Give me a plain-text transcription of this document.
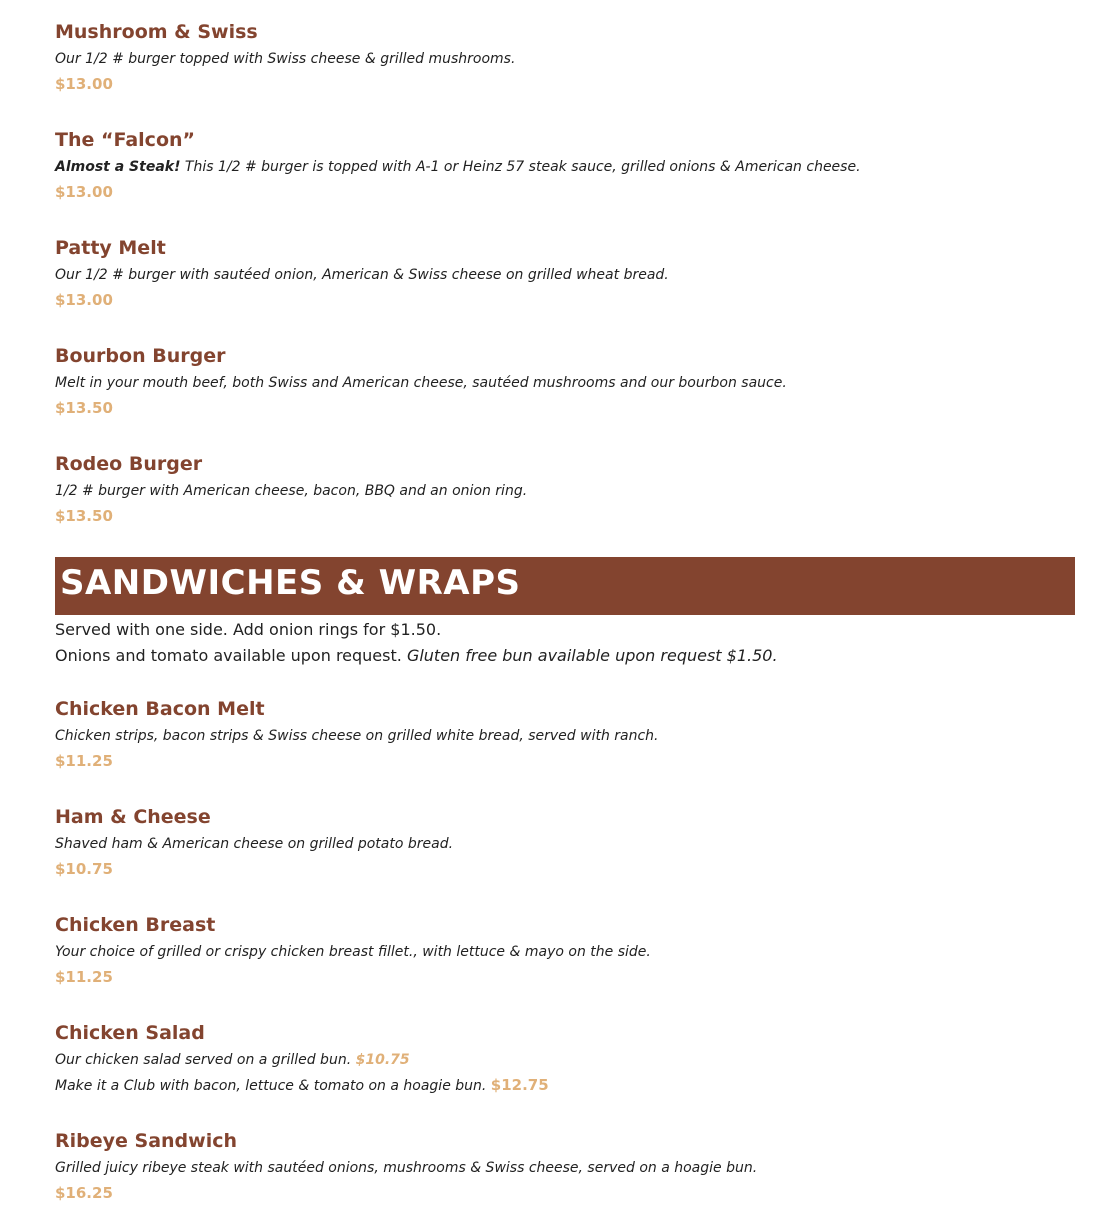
Mushroom & Swiss
Our 1/2 # burger topped with Swiss cheese & grilled mushrooms.
$13.00
The “Falcon”
Almost a Steak! This 1/2 # burger is topped with A-1 or Heinz 57 steak sauce, grilled onions & American cheese.
$13.00
Patty Melt
Our 1/2 # burger with sautéed onion, American & Swiss cheese on grilled wheat bread.
$13.00
Bourbon Burger
Melt in your mouth beef, both Swiss and American cheese, sautéed mushrooms and our bourbon sauce.
$13.50
Rodeo Burger
1/2 # burger with American cheese, bacon, BBQ and an onion ring.
$13.50
SANDWICHES & WRAPS
Served with one side. Add onion rings for $1.50.
Onions and tomato available upon request. Gluten free bun available upon request $1.50.
Chicken Bacon Melt
Chicken strips, bacon strips & Swiss cheese on grilled white bread, served with ranch.
$11.25
Ham & Cheese
Shaved ham & American cheese on grilled potato bread.
$10.75
Chicken Breast
Your choice of grilled or crispy chicken breast fillet., with lettuce & mayo on the side.
$11.25
Chicken Salad
Our chicken salad served on a grilled bun. $10.75
Make it a Club with bacon, lettuce & tomato on a hoagie bun. $12.75
Ribeye Sandwich
Grilled juicy ribeye steak with sautéed onions, mushrooms & Swiss cheese, served on a hoagie bun.
$16.25
